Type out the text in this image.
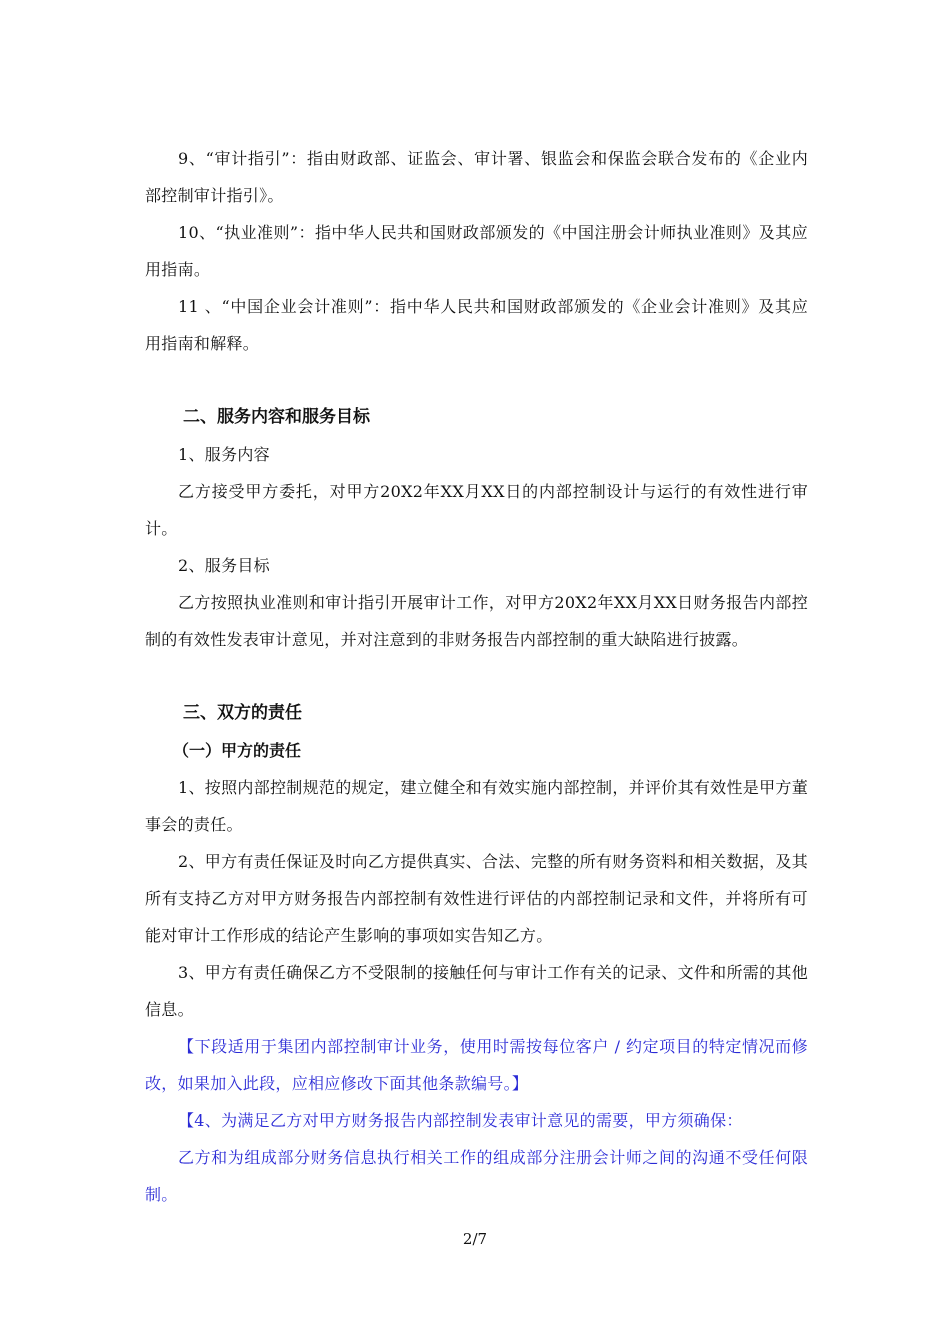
9、“审计指引”：指由财政部、证监会、审计署、银监会和保监会联合发布的《企业内部控制审计指引》。

10、“执业准则”：指中华人民共和国财政部颁发的《中国注册会计师执业准则》及其应用指南。

11 、“中国企业会计准则”：指中华人民共和国财政部颁发的《企业会计准则》及其应用指南和解释。

二、服务内容和服务目标

1、服务内容

乙方接受甲方委托，对甲方20X2年XX月XX日的内部控制设计与运行的有效性进行审计。

2、服务目标

乙方按照执业准则和审计指引开展审计工作，对甲方20X2年XX月XX日财务报告内部控制的有效性发表审计意见，并对注意到的非财务报告内部控制的重大缺陷进行披露。

三、双方的责任

（一）甲方的责任

1、按照内部控制规范的规定，建立健全和有效实施内部控制，并评价其有效性是甲方董事会的责任。

2、甲方有责任保证及时向乙方提供真实、合法、完整的所有财务资料和相关数据，及其所有支持乙方对甲方财务报告内部控制有效性进行评估的内部控制记录和文件，并将所有可能对审计工作形成的结论产生影响的事项如实告知乙方。

3、甲方有责任确保乙方不受限制的接触任何与审计工作有关的记录、文件和所需的其他信息。

【下段适用于集团内部控制审计业务，使用时需按每位客户 / 约定项目的特定情况而修改，如果加入此段，应相应修改下面其他条款编号。】

【4、为满足乙方对甲方财务报告内部控制发表审计意见的需要，甲方须确保：

乙方和为组成部分财务信息执行相关工作的组成部分注册会计师之间的沟通不受任何限制。

2/7
